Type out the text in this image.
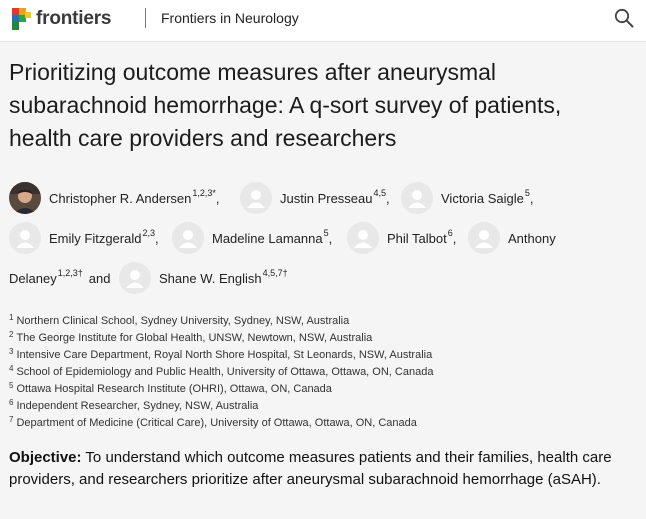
frontiers	Frontiers in Neurology
Prioritizing outcome measures after aneurysmal
subarachnoid hemorrhage: A q-sort survey of patients,
health care providers and researchers
Christopher R. Andersen 1,2,3* ,	Justin Presseau 4,5 ,	Victoria Saigle 5 ,
Emily Fitzgerald 2,3 ,	Madeline Lamanna 5 ,	Phil Talbot 6 ,	Anthony
Delaney 1,2,3† and	Shane W. English 4,5,7†
$^1$ Northern Clinical School, Sydney University, Sydney, NSW, Australia
$^2$ The George Institute for Global Health, UNSW, Newtown, NSW, Australia
$^3$ Intensive Care Department, Royal North Shore Hospital, St Leonards, NSW, Australia
$^4$ School of Epidemiology and Public Health, University of Ottawa, Ottawa, ON, Canada
$^5$ Ottawa Hospital Research Institute (OHRI), Ottawa, ON, Canada
$^6$ Independent Researcher, Sydney, NSW, Australia
$^7$ Department of Medicine (Critical Care), University of Ottawa, Ottawa, ON, Canada

Objective: To understand which outcome measures patients and their families, health care providers, and researchers prioritize after aneurysmal subarachnoid hemorrhage (aSAH).
